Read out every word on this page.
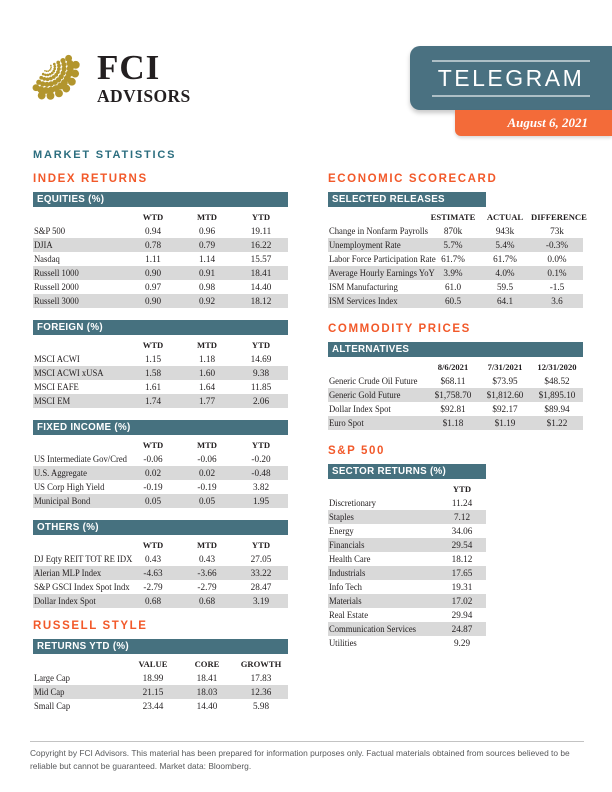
FCI
ADVISORS
TELEGRAM
August 6, 2021
MARKET STATISTICS
INDEX RETURNS
EQUITIES (%)
WTD	MTD	YTD
S&P 500	0.94	0.96	19.11
DJIA	0.78	0.79	16.22
Nasdaq	1.11	1.14	15.57
Russell 1000	0.90	0.91	18.41
Russell 2000	0.97	0.98	14.40
Russell 3000	0.90	0.92	18.12
FOREIGN (%)
WTD	MTD	YTD
MSCI ACWI	1.15	1.18	14.69
MSCI ACWI xUSA	1.58	1.60	9.38
MSCI EAFE	1.61	1.64	11.85
MSCI EM	1.74	1.77	2.06
FIXED INCOME (%)
WTD	MTD	YTD
US Intermediate Gov/Cred	-0.06	-0.06	-0.20
U.S. Aggregate	0.02	0.02	-0.48
US Corp High Yield	-0.19	-0.19	3.82
Municipal Bond	0.05	0.05	1.95
OTHERS (%)
WTD	MTD	YTD
DJ Eqty REIT TOT RE IDX	0.43	0.43	27.05
Alerian MLP Index	-4.63	-3.66	33.22
S&P GSCI Index Spot Indx	-2.79	-2.79	28.47
Dollar Index Spot	0.68	0.68	3.19
RUSSELL STYLE
RETURNS YTD (%)
VALUE	CORE	GROWTH
Large Cap	18.99	18.41	17.83
Mid Cap	21.15	18.03	12.36
Small Cap	23.44	14.40	5.98
ECONOMIC SCORECARD
SELECTED RELEASES
ESTIMATE	ACTUAL DIFFERENCE
Change in Nonfarm Payrolls	870k	943k	73k
Unemployment Rate	5.7%	5.4%	-0.3%
Labor Force Participation Rate 61.7%	61.7%	0.0%
Average Hourly Earnings YoY 3.9%	4.0%	0.1%
ISM Manufacturing	61.0	59.5	-1.5
ISM Services Index	60.5	64.1	3.6
COMMODITY PRICES
ALTERNATIVES
8/6/2021	7/31/2021	12/31/2020
Generic Crude Oil Future	$68.11	$73.95	$48.52
Generic Gold Future	$1,758.70	$1,812.60	$1,895.10
Dollar Index Spot	$92.81	$92.17	$89.94
Euro Spot	$1.18	$1.19	$1.22
S&P 500
SECTOR RETURNS (%)
YTD
Discretionary	11.24
Staples	7.12
Energy	34.06
Financials	29.54
Health Care	18.12
Industrials	17.65
Info Tech	19.31
Materials	17.02
Real Estate	29.94
Communication Services	24.87
Utilities	9.29
Copyright by FCI Advisors. This material has been prepared for information purposes only. Factual materials obtained from sources believed to be reliable but cannot be guaranteed. Market data: Bloomberg.
